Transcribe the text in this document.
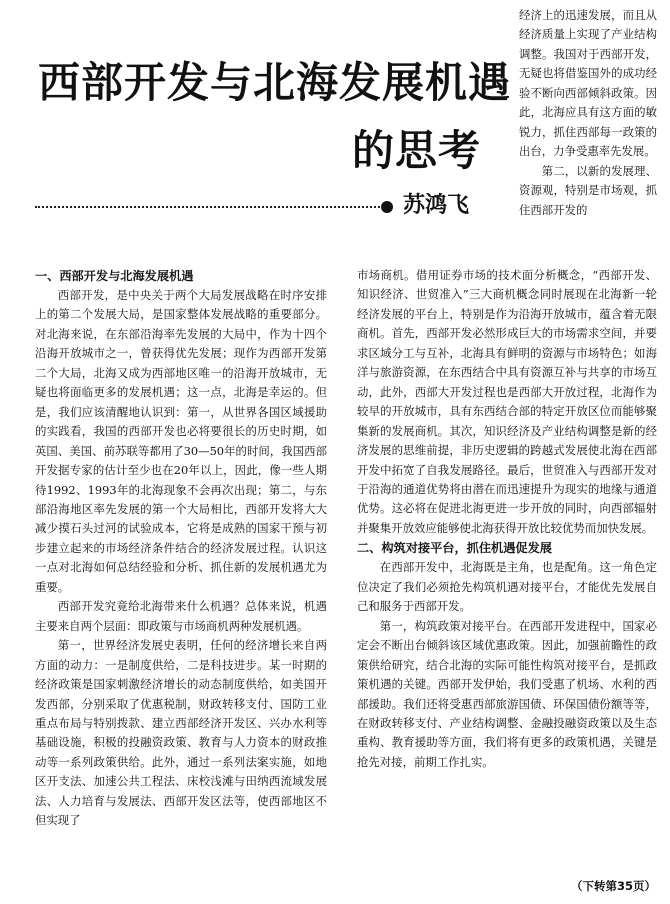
西部开发与北海发展机遇
的思考
苏鸿飞

经济上的迅速发展，而且从经济质量上实现了产业结构调整。我国对于西部开发，无疑也将借鉴国外的成功经验不断向西部倾斜政策。因此，北海应具有这方面的敏锐力，抓住西部每一政策的出台，力争受惠率先发展。

第二，以新的发展理、资源观，特别是市场观，抓住西部开发的

一、西部开发与北海发展机遇

西部开发，是中央关于两个大局发展战略在时序安排上的第二个发展大局，是国家整体发展战略的重要部分。对北海来说，在东部沿海率先发展的大局中，作为十四个沿海开放城市之一，曾获得优先发展；现作为西部开发第二个大局，北海又成为西部地区唯一的沿海开放城市，无疑也将面临更多的发展机遇；这一点，北海是幸运的。但是，我们应该清醒地认识到：第一，从世界各国区域援助的实践看，我国的西部开发也必将要很长的历史时期，如英国、美国、前苏联等都用了30—50年的时间，我国西部开发据专家的估计至少也在20年以上，因此，像一些人期待1992、1993年的北海现象不会再次出现；第二，与东部沿海地区率先发展的第一个大局相比，西部开发将大大减少摸石头过河的试验成本，它将是成熟的国家干预与初步建立起来的市场经济条件结合的经济发展过程。认识这一点对北海如何总结经验和分析、抓住新的发展机遇尤为重要。

西部开发究竟给北海带来什么机遇？总体来说，机遇主要来自两个层面：即政策与市场商机两种发展机遇。

第一，世界经济发展史表明，任何的经济增长来自两方面的动力：一是制度供给，二是科技进步。某一时期的经济政策是国家刺激经济增长的动态制度供给，如美国开发西部，分别采取了优惠税制，财政转移支付、国防工业重点布局与特别拨款、建立西部经济开发区、兴办水利等基础设施，积极的投融资政策、教育与人力资本的财政推动等一系列政策供给。此外，通过一系列法案实施，如地区开支法、加速公共工程法、床校浅滩与田纳西流域发展法、人力培育与发展法、西部开发区法等，使西部地区不但实现了

市场商机。借用证券市场的技术面分析概念，“西部开发、知识经济、世贸准入”三大商机概念同时展现在北海新一轮经济发展的平台上，特别是作为沿海开放城市，蕴含着无限商机。首先，西部开发必然形成巨大的市场需求空间，并要求区域分工与互补，北海具有鲜明的资源与市场特色；如海洋与旅游资源，在东西结合中具有资源互补与共享的市场互动，此外，西部大开发过程也是西部大开放过程，北海作为较早的开放城市，具有东西结合部的特定开放区位而能够聚集新的发展商机。其次，知识经济及产业结构调整是新的经济发展的思维前提，非历史逻辑的跨越式发展使北海在西部开发中拓宽了自我发展路径。最后，世贸准入与西部开发对于沿海的通道优势将由潜在而迅速提升为现实的地缘与通道优势。这必将在促进北海更进一步开放的同时，向西部辐射并聚集开放效应能够使北海获得开放比较优势而加快发展。

二、构筑对接平台，抓住机遇促发展

在西部开发中，北海既是主角，也是配角。这一角色定位决定了我们必须抢先构筑机遇对接平台，才能优先发展自己和服务于西部开发。

第一，构筑政策对接平台。在西部开发进程中，国家必定会不断出台倾斜该区域优惠政策。因此，加强前瞻性的政策供给研究，结合北海的实际可能性构筑对接平台，是抓政策机遇的关键。西部开发伊始，我们受惠了机场、水利的西部援助。我们还将受惠西部旅游国债、环保国债份额等等，在财政转移支付、产业结构调整、金融投融资政策以及生态重构、教育援助等方面，我们将有更多的政策机遇，关键是抢先对接，前期工作扎实。

（下转第35页）
